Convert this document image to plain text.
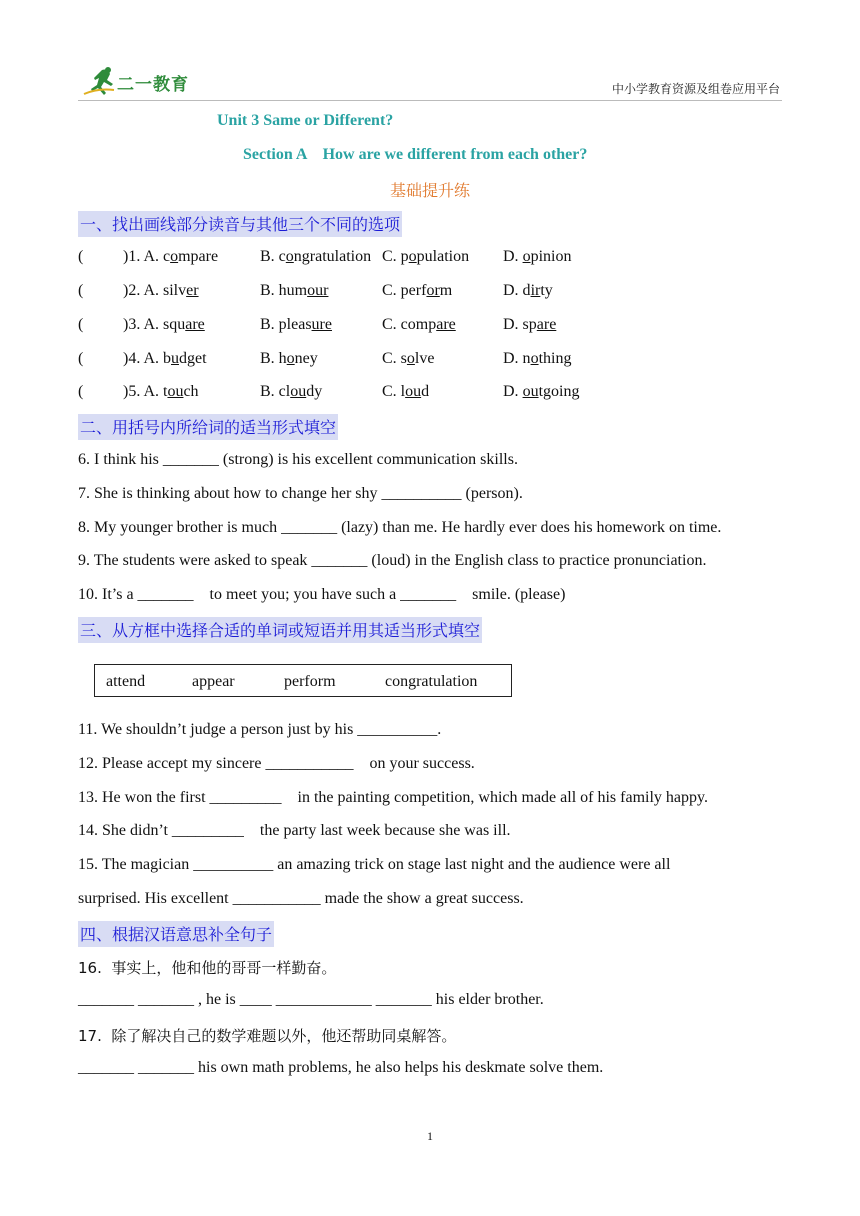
二一教育	中小学教育资源及组卷应用平台
Unit 3 Same or Different?
Section A    How are we different from each other?
基础提升练
一、找出画线部分读音与其他三个不同的选项
( )1. A. compare	B. congratulation C. population D. opinion
( )2. A. silver	B. humour	C. perform	D. dirty
( )3. A. square	B. pleasure	C. compare	D. spare
( )4. A. budget	B. honey	C. solve	D. nothing
( )5. A. touch	B. cloudy	C. loud	D. outgoing
二、用括号内所给词的适当形式填空
6. I think his _______ (strong) is his excellent communication skills.
7. She is thinking about how to change her shy __________ (person).
8. My younger brother is much _______ (lazy) than me. He hardly ever does his homework on time.
9. The students were asked to speak _______ (loud) in the English class to practice pronunciation.
10. It’s a _______    to meet you; you have such a _______    smile. (please)
三、从方框中选择合适的单词或短语并用其适当形式填空
attend	appear	perform	congratulation
11. We shouldn’t judge a person just by his __________.
12. Please accept my sincere ___________    on your success.
13. He won the first _________    in the painting competition, which made all of his family happy.
14. She didn’t _________    the party last week because she was ill.
15. The magician __________ an amazing trick on stage last night and the audience were all
surprised. His excellent ___________ made the show a great success.
四、根据汉语意思补全句子
16.  事实上，他和他的哥哥一样勤奋。
_______ _______ , he is ____ ____________ _______ his elder brother.
17.  除了解决自己的数学难题以外，他还帮助同桌解答。
_______ _______ his own math problems, he also helps his deskmate solve them.
1
